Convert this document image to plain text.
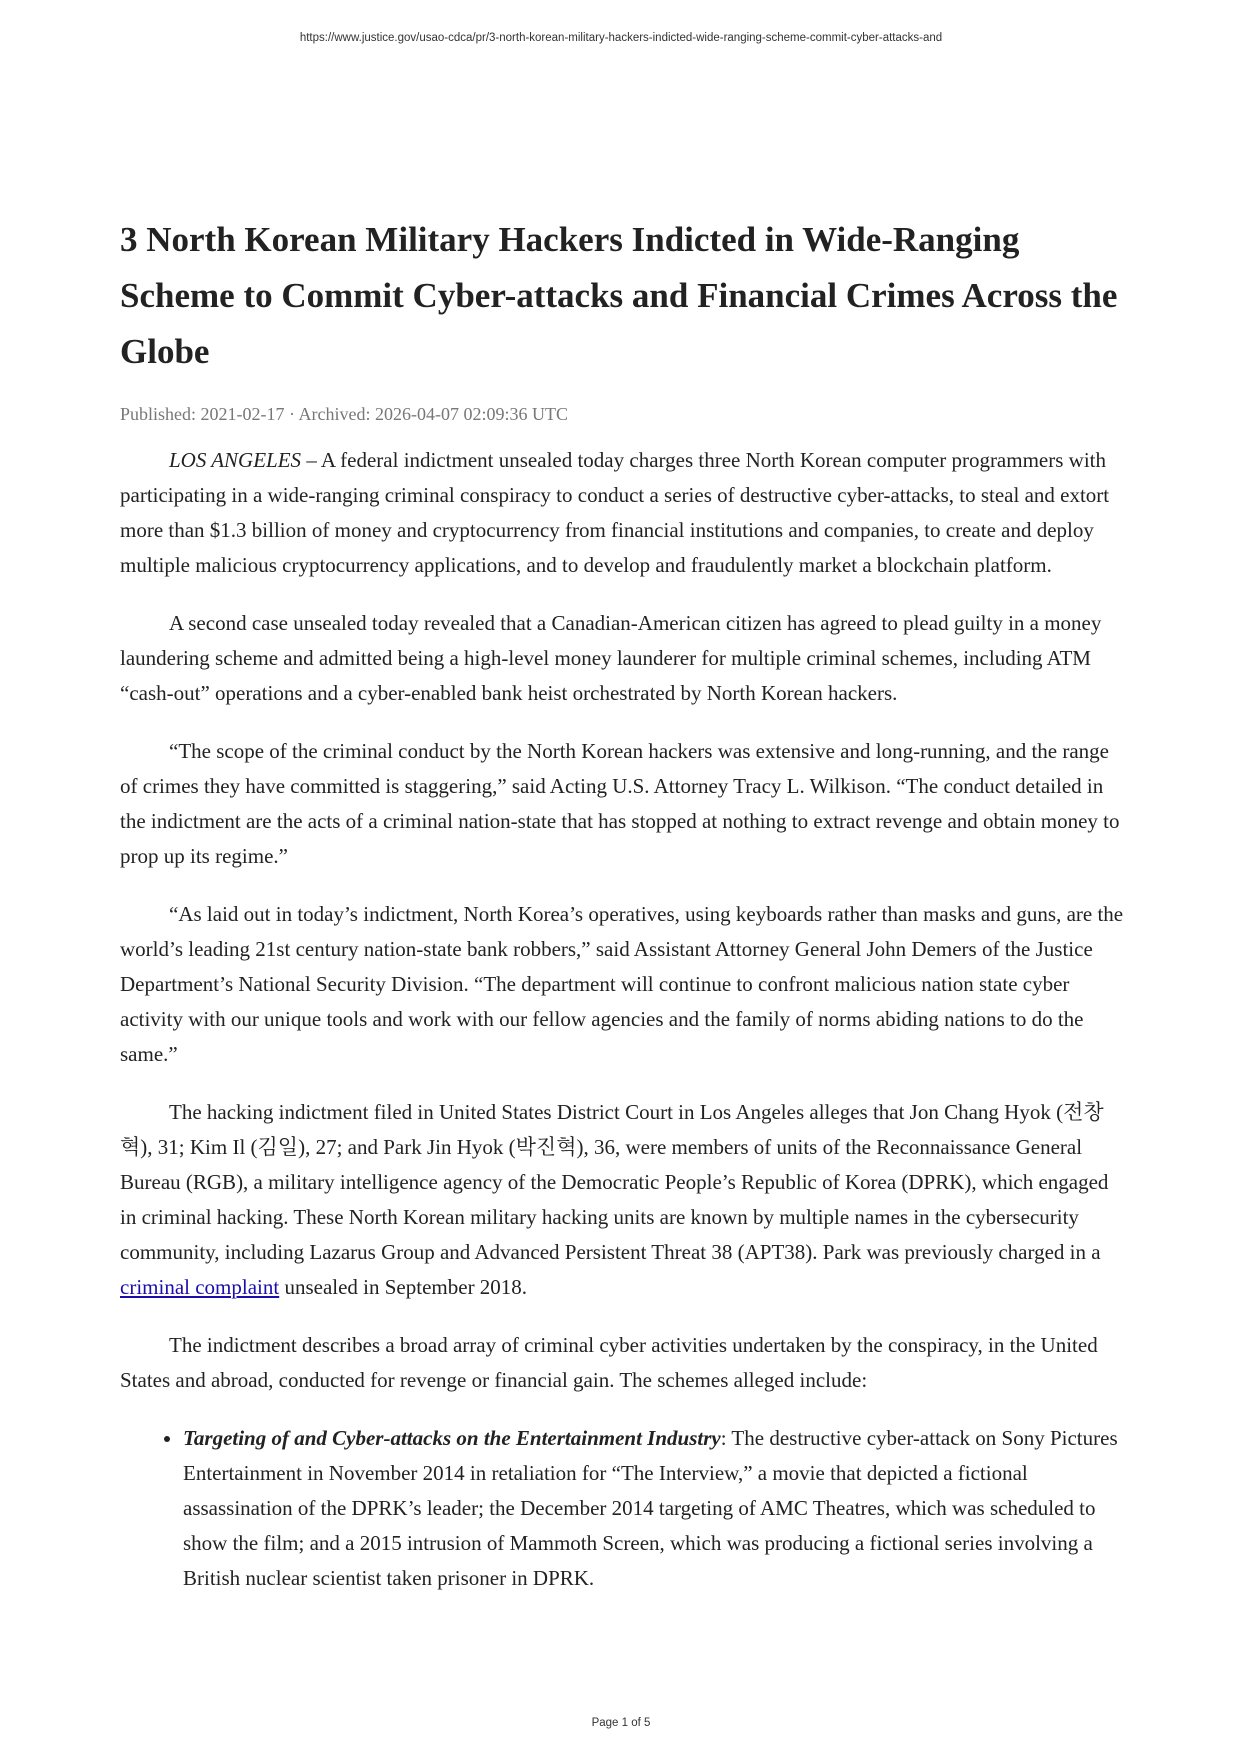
https://www.justice.gov/usao-cdca/pr/3-north-korean-military-hackers-indicted-wide-ranging-scheme-commit-cyber-attacks-and
3 North Korean Military Hackers Indicted in Wide-Ranging Scheme to Commit Cyber-attacks and Financial Crimes Across the Globe
Published: 2021-02-17 · Archived: 2026-04-07 02:09:36 UTC

LOS ANGELES – A federal indictment unsealed today charges three North Korean computer programmers with participating in a wide-ranging criminal conspiracy to conduct a series of destructive cyber-attacks, to steal and extort more than $1.3 billion of money and cryptocurrency from financial institutions and companies, to create and deploy multiple malicious cryptocurrency applications, and to develop and fraudulently market a blockchain platform.

A second case unsealed today revealed that a Canadian-American citizen has agreed to plead guilty in a money laundering scheme and admitted being a high-level money launderer for multiple criminal schemes, including ATM “cash-out” operations and a cyber-enabled bank heist orchestrated by North Korean hackers.

“The scope of the criminal conduct by the North Korean hackers was extensive and long-running, and the range of crimes they have committed is staggering,” said Acting U.S. Attorney Tracy L. Wilkison. “The conduct detailed in the indictment are the acts of a criminal nation-state that has stopped at nothing to extract revenge and obtain money to prop up its regime.”

“As laid out in today’s indictment, North Korea’s operatives, using keyboards rather than masks and guns, are the world’s leading 21st century nation-state bank robbers,” said Assistant Attorney General John Demers of the Justice Department’s National Security Division. “The department will continue to confront malicious nation state cyber activity with our unique tools and work with our fellow agencies and the family of norms abiding nations to do the same.”

The hacking indictment filed in United States District Court in Los Angeles alleges that Jon Chang Hyok (전창혁), 31; Kim Il (김일), 27; and Park Jin Hyok (박진혁), 36, were members of units of the Reconnaissance General Bureau (RGB), a military intelligence agency of the Democratic People’s Republic of Korea (DPRK), which engaged in criminal hacking. These North Korean military hacking units are known by multiple names in the cybersecurity community, including Lazarus Group and Advanced Persistent Threat 38 (APT38). Park was previously charged in a criminal complaint unsealed in September 2018.

The indictment describes a broad array of criminal cyber activities undertaken by the conspiracy, in the United States and abroad, conducted for revenge or financial gain. The schemes alleged include:

• Targeting of and Cyber-attacks on the Entertainment Industry: The destructive cyber-attack on Sony Pictures Entertainment in November 2014 in retaliation for “The Interview,” a movie that depicted a fictional assassination of the DPRK’s leader; the December 2014 targeting of AMC Theatres, which was scheduled to show the film; and a 2015 intrusion of Mammoth Screen, which was producing a fictional series involving a British nuclear scientist taken prisoner in DPRK.
Page 1 of 5
